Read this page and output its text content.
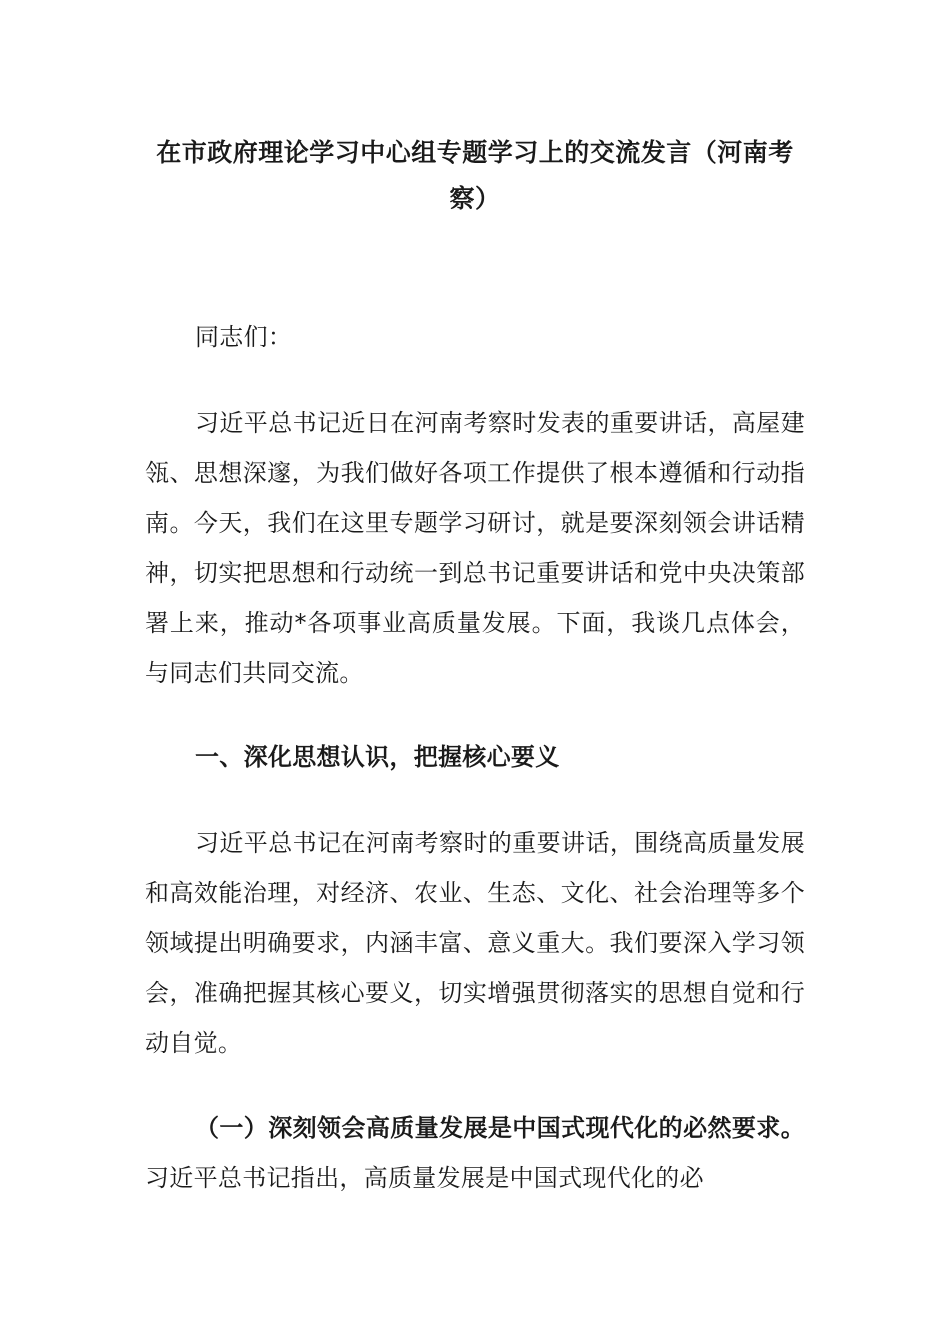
在市政府理论学习中心组专题学习上的交流发言（河南考察）

同志们：

习近平总书记近日在河南考察时发表的重要讲话，高屋建瓴、思想深邃，为我们做好各项工作提供了根本遵循和行动指南。今天，我们在这里专题学习研讨，就是要深刻领会讲话精神，切实把思想和行动统一到总书记重要讲话和党中央决策部署上来，推动*各项事业高质量发展。下面，我谈几点体会，与同志们共同交流。

一、深化思想认识，把握核心要义

习近平总书记在河南考察时的重要讲话，围绕高质量发展和高效能治理，对经济、农业、生态、文化、社会治理等多个领域提出明确要求，内涵丰富、意义重大。我们要深入学习领会，准确把握其核心要义，切实增强贯彻落实的思想自觉和行动自觉。

（一）深刻领会高质量发展是中国式现代化的必然要求。习近平总书记指出，高质量发展是中国式现代化的必
